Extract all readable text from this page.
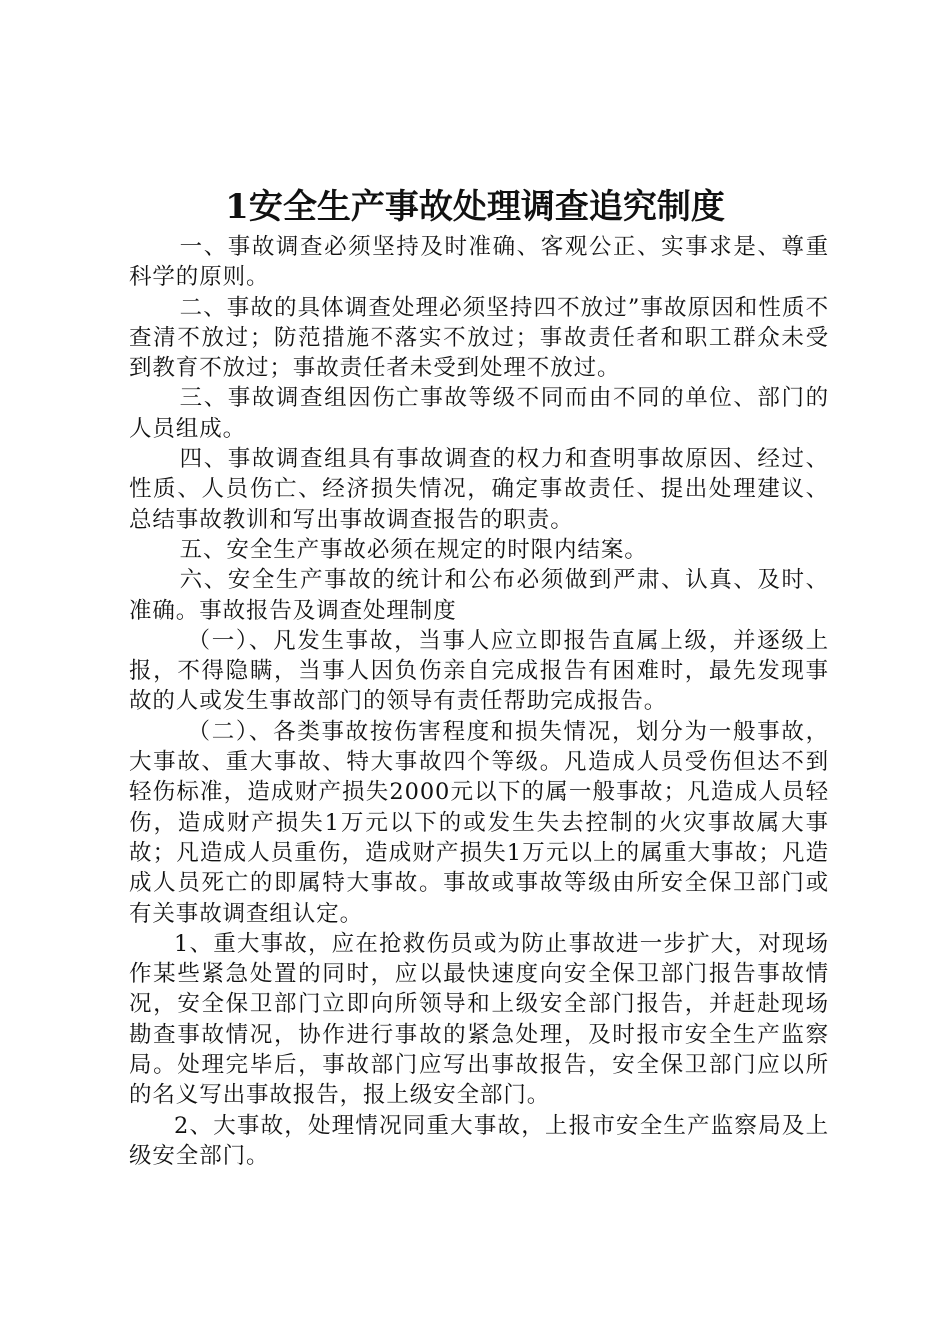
1安全生产事故处理调查追究制度

一、事故调查必须坚持及时准确、客观公正、实事求是、尊重科学的原则。

二、事故的具体调查处理必须坚持四不放过”事故原因和性质不查清不放过；防范措施不落实不放过；事故责任者和职工群众未受到教育不放过；事故责任者未受到处理不放过。

三、事故调查组因伤亡事故等级不同而由不同的单位、部门的人员组成。

四、事故调查组具有事故调查的权力和查明事故原因、经过、性质、人员伤亡、经济损失情况，确定事故责任、提出处理建议、总结事故教训和写出事故调查报告的职责。

五、安全生产事故必须在规定的时限内结案。

六、安全生产事故的统计和公布必须做到严肃、认真、及时、准确。事故报告及调查处理制度

（一）、凡发生事故，当事人应立即报告直属上级，并逐级上报，不得隐瞒，当事人因负伤亲自完成报告有困难时，最先发现事故的人或发生事故部门的领导有责任帮助完成报告。

（二）、各类事故按伤害程度和损失情况，划分为一般事故，大事故、重大事故、特大事故四个等级。凡造成人员受伤但达不到轻伤标准，造成财产损失2000元以下的属一般事故；凡造成人员轻伤，造成财产损失1万元以下的或发生失去控制的火灾事故属大事故；凡造成人员重伤，造成财产损失1万元以上的属重大事故；凡造成人员死亡的即属特大事故。事故或事故等级由所安全保卫部门或有关事故调查组认定。

1、重大事故，应在抢救伤员或为防止事故进一步扩大，对现场作某些紧急处置的同时，应以最快速度向安全保卫部门报告事故情况，安全保卫部门立即向所领导和上级安全部门报告，并赶赴现场勘查事故情况，协作进行事故的紧急处理，及时报市安全生产监察局。处理完毕后，事故部门应写出事故报告，安全保卫部门应以所的名义写出事故报告，报上级安全部门。

2、大事故，处理情况同重大事故，上报市安全生产监察局及上级安全部门。
